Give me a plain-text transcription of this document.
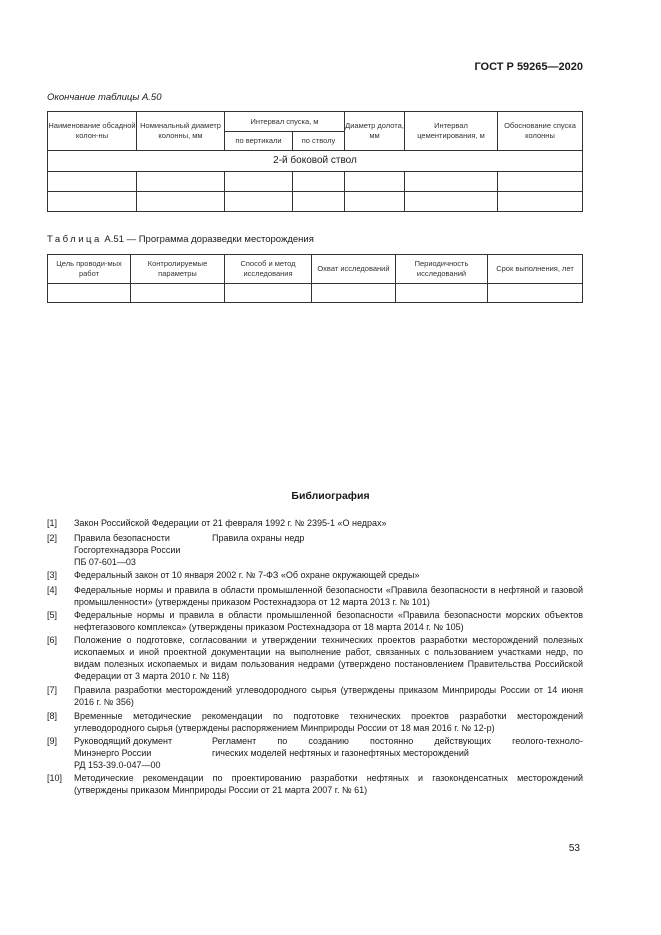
ГОСТ Р 59265—2020
Окончание таблицы А.50
Наименование обсадной колон-ны	Номинальный диаметр колонны, мм	Интервал спуска, м		Диаметр долота, мм	Интервал цементирования, м	Обоснование спуска колонны
		по вертикали	по стволу			
2-й боковой ствол						

Таблица А.51 — Программа доразведки месторождения
Цель проводи-мых работ	Контролируемые параметры	Способ и метод исследования	Охват исследований	Периодичность исследований	Срок выполнения, лет

Библиография
[1] Закон Российской Федерации от 21 февраля 1992 г. № 2395-1 «О недрах»
[2] Правила безопасности
Госгортехнадзора России
ПБ 07-601—03
Правила охраны недр
[3] Федеральный закон от 10 января 2002 г. № 7-ФЗ «Об охране окружающей среды»
[4] Федеральные нормы и правила в области промышленной безопасности «Правила безопасности в нефтяной и газовой промышленности» (утверждены приказом Ростехнадзора от 12 марта 2013 г. № 101)
[5] Федеральные нормы и правила в области промышленной безопасности «Правила безопасности морских объектов нефтегазового комплекса» (утверждены приказом Ростехнадзора от 18 марта 2014 г. № 105)
[6] Положение о подготовке, согласовании и утверждении технических проектов разработки месторождений полезных ископаемых и иной проектной документации на выполнение работ, связанных с пользованием участками недр, по видам полезных ископаемых и видам пользования недрами (утверждено постановлением Правительства Российской Федерации от 3 марта 2010 г. № 118)
[7] Правила разработки месторождений углеводородного сырья (утверждены приказом Минприроды России от 14 июня 2016 г. № 356)
[8] Временные методические рекомендации по подготовке технических проектов разработки месторождений углеводородного сырья (утверждены распоряжением Минприроды России от 18 мая 2016 г. № 12-р)
[9] Руководящий документ
Минэнерго России
РД 153-39.0-047—00
Регламент по созданию постоянно действующих геолого-техноло-
гических моделей нефтяных и газонефтяных месторождений
[10] Методические рекомендации по проектированию разработки нефтяных и газоконденсатных месторождений (утверждены приказом Минприроды России от 21 марта 2007 г. № 61)
53
